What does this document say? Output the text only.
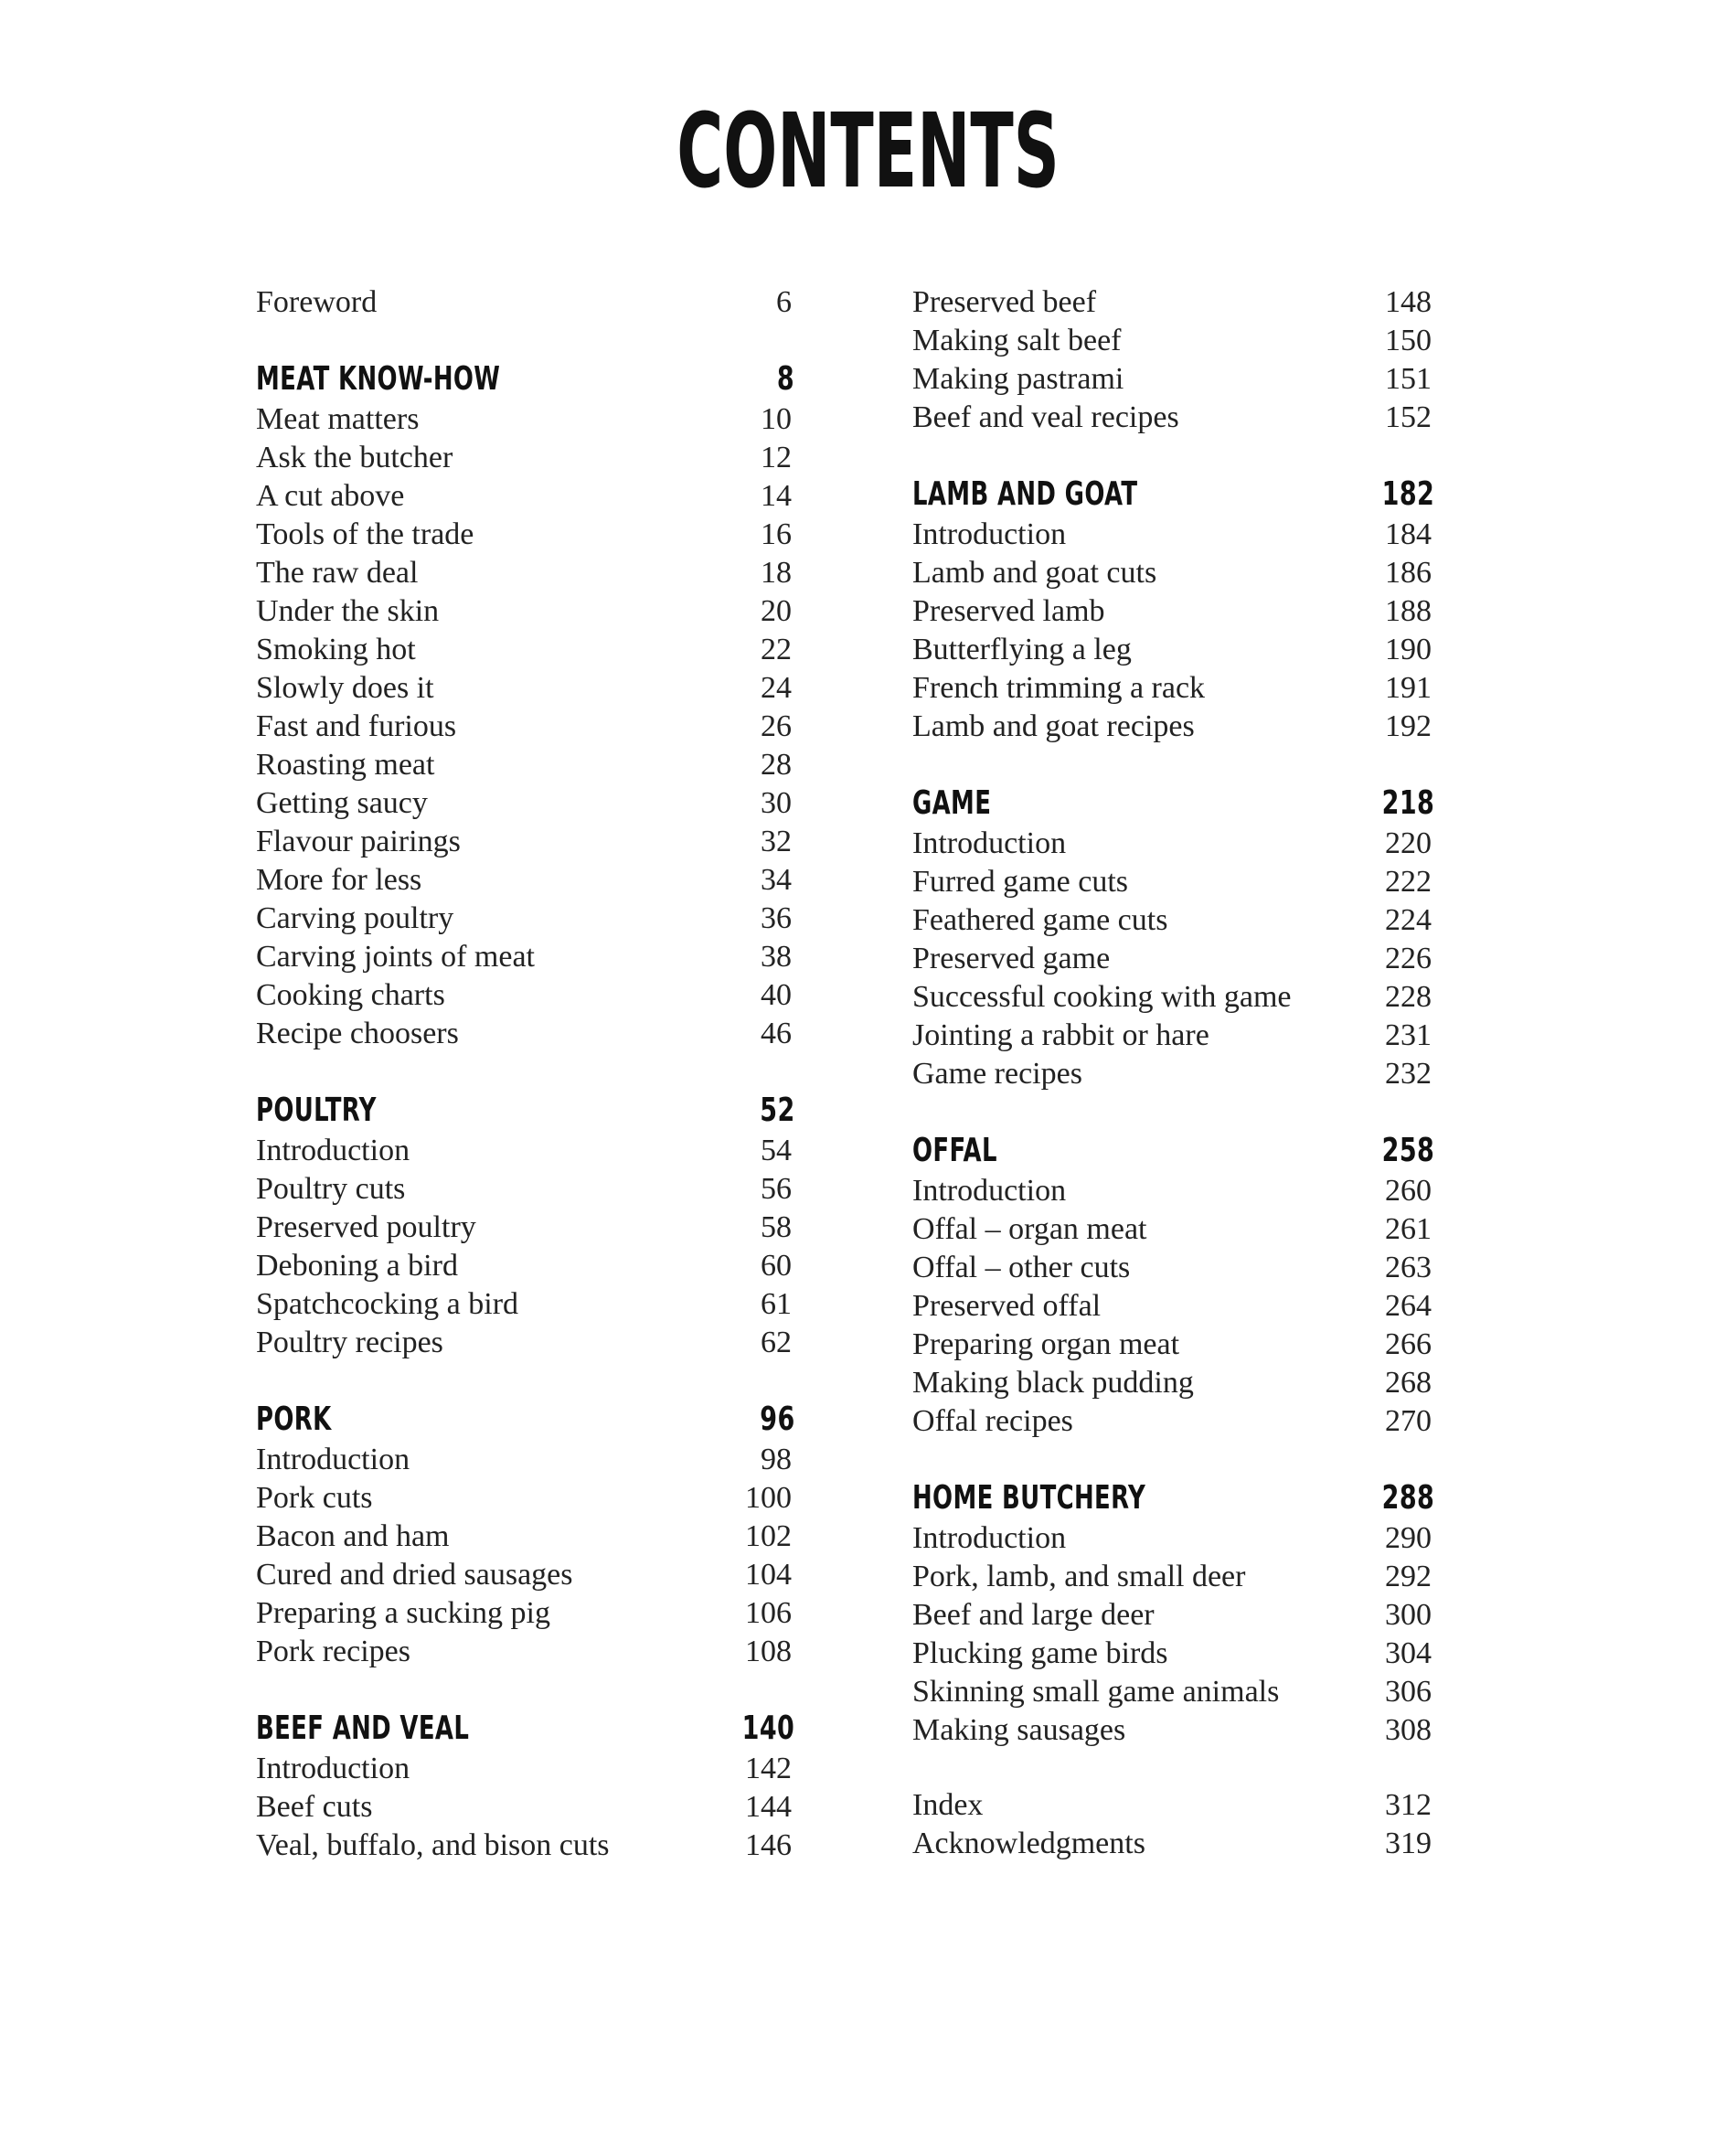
CONTENTS
Foreword	6
MEAT KNOW-HOW	8
Meat matters	10
Ask the butcher	12
A cut above	14
Tools of the trade	16
The raw deal	18
Under the skin	20
Smoking hot	22
Slowly does it	24
Fast and furious	26
Roasting meat	28
Getting saucy	30
Flavour pairings	32
More for less	34
Carving poultry	36
Carving joints of meat	38
Cooking charts	40
Recipe choosers	46
POULTRY	52
Introduction	54
Poultry cuts	56
Preserved poultry	58
Deboning a bird	60
Spatchcocking a bird	61
Poultry recipes	62
PORK	96
Introduction	98
Pork cuts	100
Bacon and ham	102
Cured and dried sausages	104
Preparing a sucking pig	106
Pork recipes	108
BEEF AND VEAL	140
Introduction	142
Beef cuts	144
Veal, buffalo, and bison cuts	146
Preserved beef	148
Making salt beef	150
Making pastrami	151
Beef and veal recipes	152
LAMB AND GOAT	182
Introduction	184
Lamb and goat cuts	186
Preserved lamb	188
Butterflying a leg	190
French trimming a rack	191
Lamb and goat recipes	192
GAME	218
Introduction	220
Furred game cuts	222
Feathered game cuts	224
Preserved game	226
Successful cooking with game	228
Jointing a rabbit or hare	231
Game recipes	232
OFFAL	258
Introduction	260
Offal – organ meat	261
Offal – other cuts	263
Preserved offal	264
Preparing organ meat	266
Making black pudding	268
Offal recipes	270
HOME BUTCHERY	288
Introduction	290
Pork, lamb, and small deer	292
Beef and large deer	300
Plucking game birds	304
Skinning small game animals	306
Making sausages	308
Index	312
Acknowledgments	319
